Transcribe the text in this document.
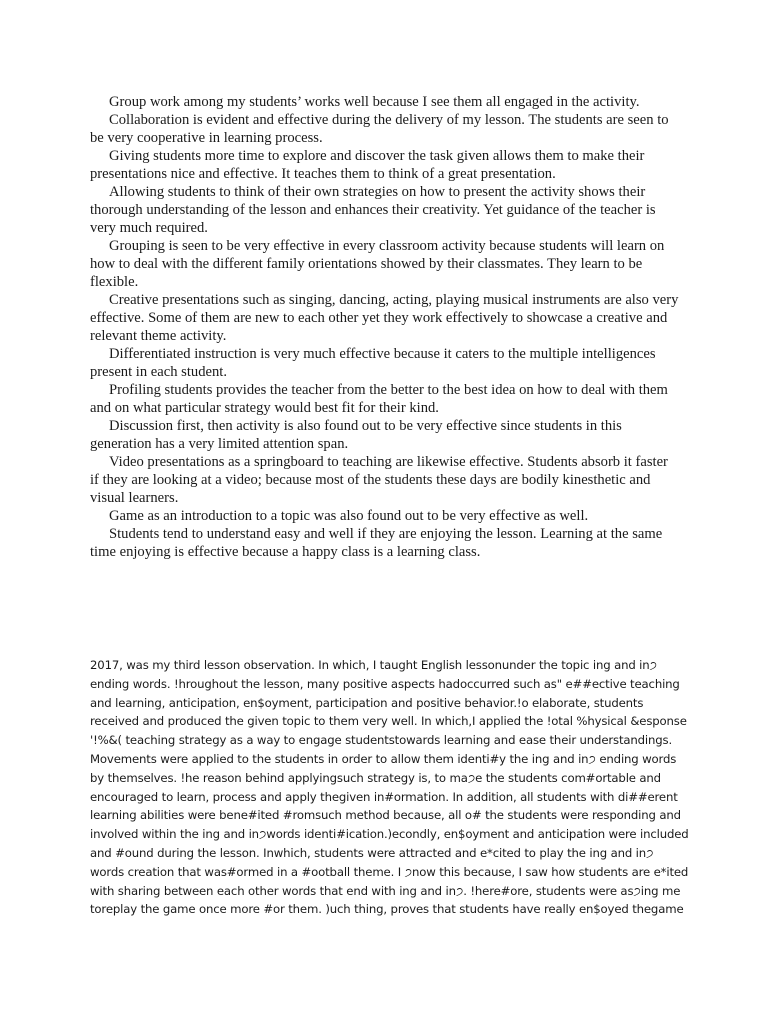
Group work among my students’ works well because I see them all engaged in the activity.

Collaboration is evident and effective during the delivery of my lesson. The students are seen to be very cooperative in learning process.

Giving students more time to explore and discover the task given allows them to make their presentations nice and effective. It teaches them to think of a great presentation.

Allowing students to think of their own strategies on how to present the activity shows their thorough understanding of the lesson and enhances their creativity. Yet guidance of the teacher is very much required.

Grouping is seen to be very effective in every classroom activity because students will learn on how to deal with the different family orientations showed by their classmates. They learn to be flexible.

Creative presentations such as singing, dancing, acting, playing musical instruments are also very effective. Some of them are new to each other yet they work effectively to showcase a creative and relevant theme activity.

Differentiated instruction is very much effective because it caters to the multiple intelligences present in each student.

Profiling students provides the teacher from the better to the best idea on how to deal with them and on what particular strategy would best fit for their kind.

Discussion first, then activity is also found out to be very effective since students in this generation has a very limited attention span.

Video presentations as a springboard to teaching are likewise effective. Students absorb it faster if they are looking at a video; because most of the students these days are bodily kinesthetic and visual learners.

Game as an introduction to a topic was also found out to be very effective as well.

Students tend to understand easy and well if they are enjoying the lesson. Learning at the same time enjoying is effective because a happy class is a learning class.

2017, was my third lesson observation. In which, I taught English lessonunder the topic ing and in੭
ending words. !hroughout the lesson, many positive aspects hadoccurred such as" e##ective teaching
and learning, anticipation, en$oyment, participation and positive behavior.!o elaborate, students
received and produced the given topic to them very well. In which,I applied the !otal %hysical &esponse
'!%&( teaching strategy as a way to engage studentstowards learning and ease their understandings.
Movements were applied to the students in order to allow them identi#y the ing and in੭ ending words
by themselves. !he reason behind applyingsuch strategy is, to ma੭e the students com#ortable and
encouraged to learn, process and apply thegiven in#ormation. In addition, all students with di##erent
learning abilities were bene#ited #romsuch method because, all o# the students were responding and
involved within the ing and in੭words identi#ication.)econdly, en$oyment and anticipation were included
and #ound during the lesson. Inwhich, students were attracted and e*cited to play the ing and in੭
words creation that was#ormed in a #ootball theme. I ੭now this because, I saw how students are e*ited
with sharing between each other words that end with ing and in੭. !here#ore, students were as੭ing me
toreplay the game once more #or them. )uch thing, proves that students have really en$oyed thegame
